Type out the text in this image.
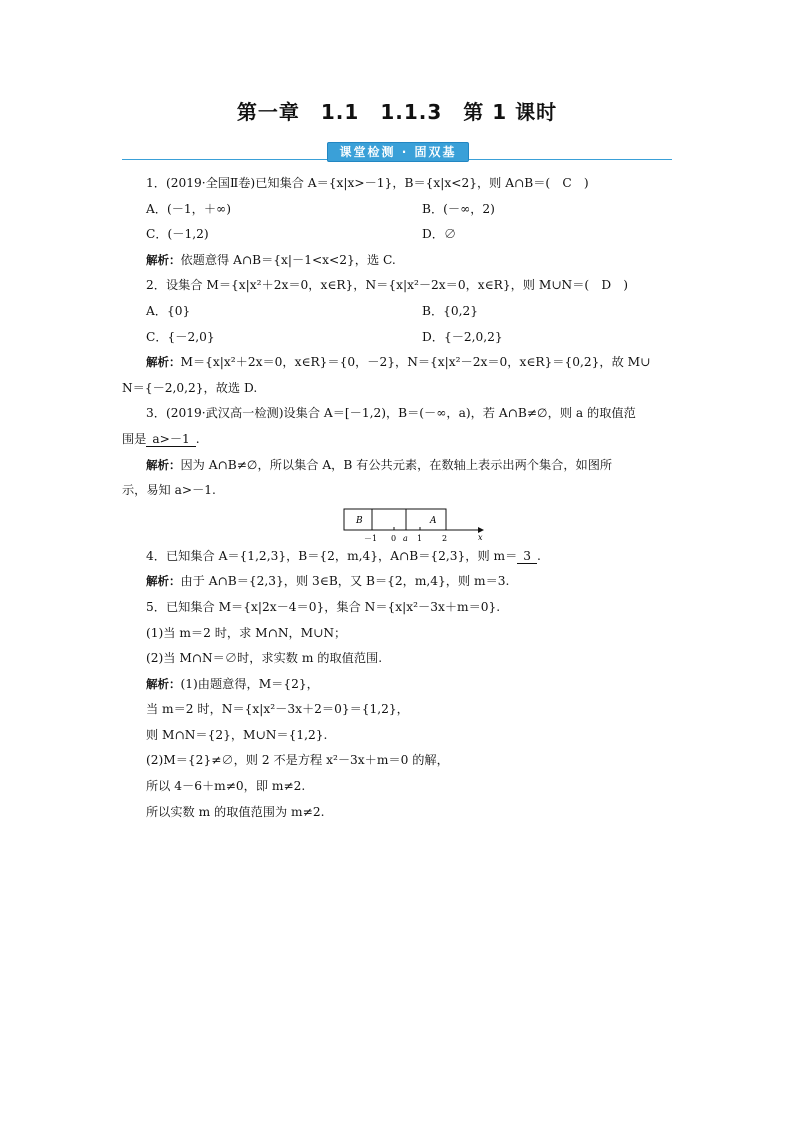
第一章　1.1　1.1.3　第 1 课时
课堂检测 · 固双基
1．(2019·全国Ⅱ卷)已知集合 A＝{x|x>－1}，B＝{x|x<2}，则 A∩B＝(　C　)
A．(－1，＋∞)	B．(－∞，2)
C．(－1,2)	D．∅
解析：依题意得 A∩B＝{x|－1<x<2}，选 C.
2．设集合 M＝{x|x²＋2x＝0，x∈R}，N＝{x|x²－2x＝0，x∈R}，则 M∪N＝(　D　)
A．{0}	B．{0,2}
C．{－2,0}	D．{－2,0,2}
解析：M＝{x|x²＋2x＝0，x∈R}＝{0，－2}，N＝{x|x²－2x＝0，x∈R}＝{0,2}，故 M∪
N＝{－2,0,2}，故选 D.
3．(2019·武汉高一检测)设集合 A＝[－1,2)，B＝(－∞，a)，若 A∩B≠∅，则 a 的取值范
围是 a>－1 .
解析：因为 A∩B≠∅，所以集合 A，B 有公共元素，在数轴上表示出两个集合，如图所
示，易知 a>－1.
B	A
－1 0 a 1 2	x
4．已知集合 A＝{1,2,3}，B＝{2，m,4}，A∩B＝{2,3}，则 m＝ 3 .
解析：由于 A∩B＝{2,3}，则 3∈B，又 B＝{2，m,4}，则 m＝3.
5．已知集合 M＝{x|2x－4＝0}，集合 N＝{x|x²－3x＋m＝0}.
(1)当 m＝2 时，求 M∩N，M∪N；
(2)当 M∩N＝∅时，求实数 m 的取值范围.
解析：(1)由题意得，M＝{2}，
当 m＝2 时，N＝{x|x²－3x＋2＝0}＝{1,2}，
则 M∩N＝{2}，M∪N＝{1,2}.
(2)M＝{2}≠∅，则 2 不是方程 x²－3x＋m＝0 的解，
所以 4－6＋m≠0，即 m≠2.
所以实数 m 的取值范围为 m≠2.
